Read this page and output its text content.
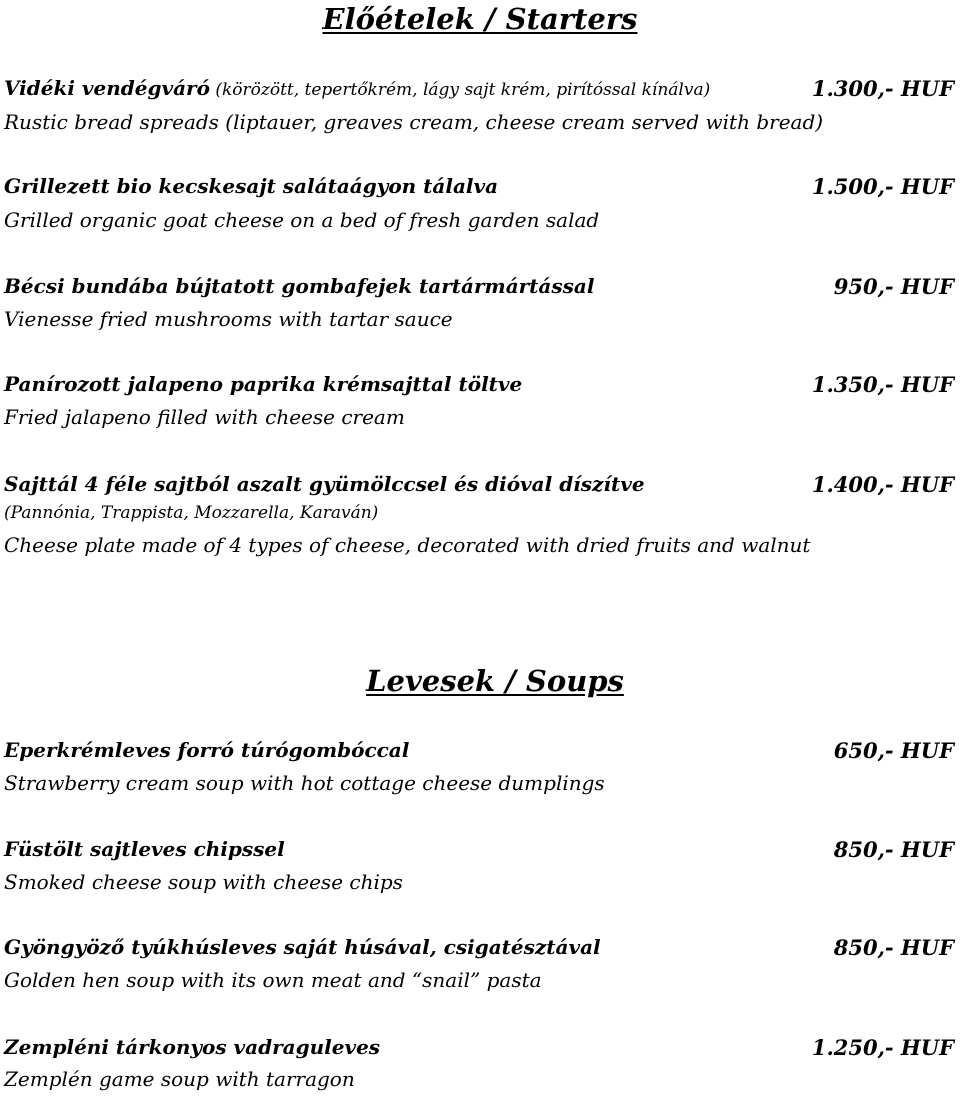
Előételek / Starters
Vidéki vendégváró (körözött, tepertőkrém, lágy sajt krém, pirítóssal kínálva)
Rustic bread spreads (liptauer, greaves cream, cheese cream served with bread)
1.300,- HUF
Grillezett bio kecskesajt salátaágyon tálalva
Grilled organic goat cheese on a bed of fresh garden salad
1.500,- HUF
Bécsi bundába bújtatott gombafejek tartármártással
Vienesse fried mushrooms with tartar sauce
950,- HUF
Panírozott jalapeno paprika krémsajttal töltve
Fried jalapeno filled with cheese cream
1.350,- HUF
Sajttál 4 féle sajtból aszalt gyümölccsel és dióval díszítve
(Pannónia, Trappista, Mozzarella, Karaván)
Cheese plate made of 4 types of cheese, decorated with dried fruits and walnut
1.400,- HUF
Levesek / Soups
Eperkrémleves forró túrógombóccal
Strawberry cream soup with hot cottage cheese dumplings
650,- HUF
Füstölt sajtleves chipssel
Smoked cheese soup with cheese chips
850,- HUF
Gyöngyöző tyúkhúsleves saját húsával, csigatésztával
Golden hen soup with its own meat and “snail” pasta
850,- HUF
Zempléni tárkonyos vadraguleves
Zemplén game soup with tarragon
1.250,- HUF
